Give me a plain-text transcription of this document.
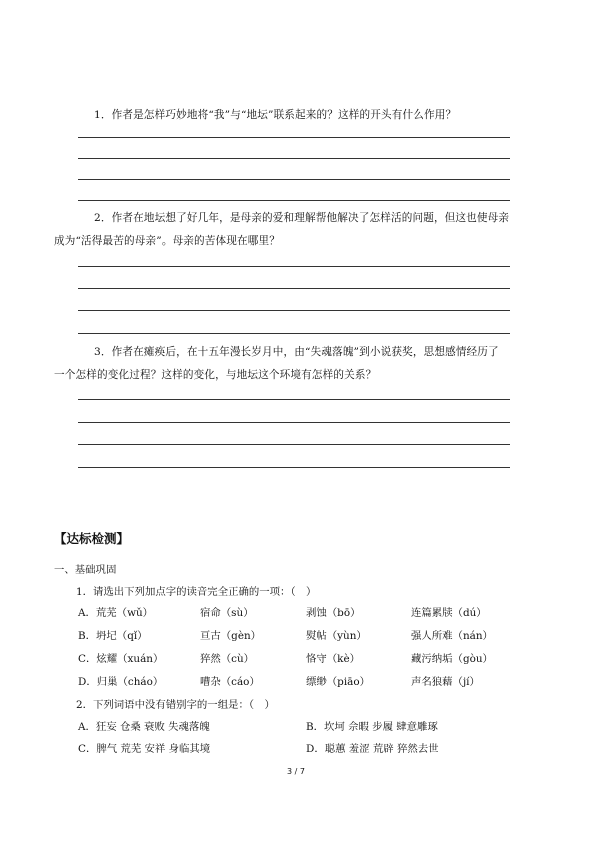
1．作者是怎样巧妙地将“我”与“地坛”联系起来的？这样的开头有什么作用？
2．作者在地坛想了好几年，是母亲的爱和理解帮他解决了怎样活的问题，但这也使母亲
成为“活得最苦的母亲”。母亲的苦体现在哪里？
3．作者在瘫痪后，在十五年漫长岁月中，由“失魂落魄”到小说获奖，思想感情经历了
一个怎样的变化过程？这样的变化，与地坛这个环境有怎样的关系？
【达标检测】
一、基础巩固
1．请选出下列加点字的读音完全正确的一项：（　）
A．荒芜（wǔ）	宿命（sù）	剥蚀（bō）	连篇累牍（dú）
B．坍圮（qǐ）	亘古（gèn）	熨帖（yùn）	强人所难（nán）
C．炫耀（xuán）	猝然（cù）	恪守（kè）	藏污纳垢（gòu）
D．归巢（cháo）	嘈杂（cáo）	缥缈（piāo）	声名狼藉（jí）
2．下列词语中没有错别字的一组是：（　）
A．狂妄 仓桑 衰败 失魂落魄	B．坎坷 佘暇 步履 肆意雕琢
C．脾气 荒芜 安祥 身临其境	D．聪蕙 羞涩 荒辟 猝然去世
3 / 7
